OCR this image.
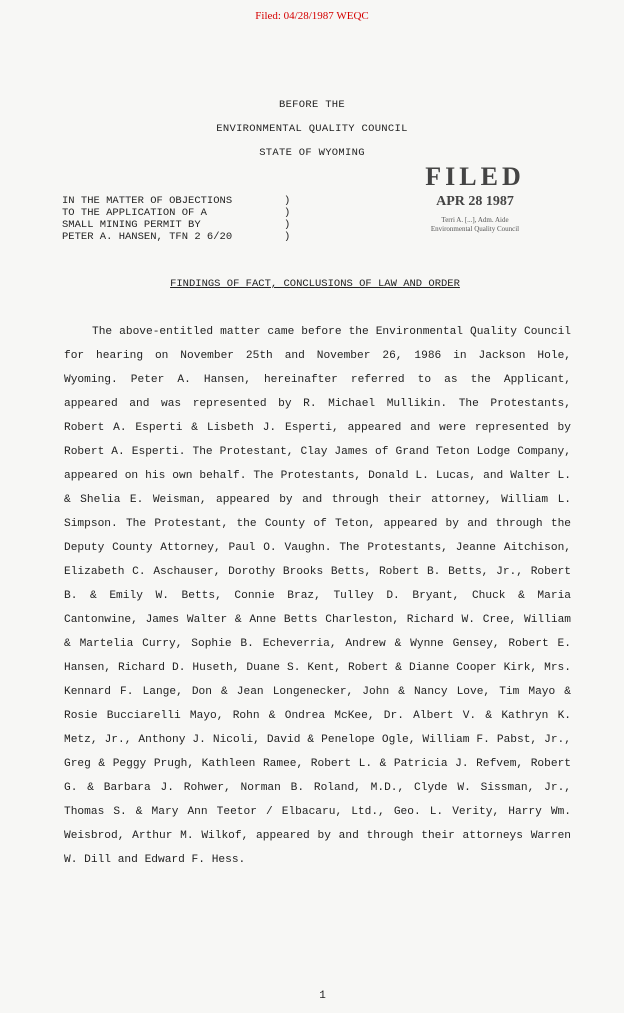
Filed: 04/28/1987 WEQC
BEFORE THE
ENVIRONMENTAL QUALITY COUNCIL
STATE OF WYOMING
IN THE MATTER OF OBJECTIONS	)
TO THE APPLICATION OF A	)
SMALL MINING PERMIT BY	)
PETER A. HANSEN, TFN 2 6/20	)
FILED
APR 28 1987
Terri A. [...], Adm. Aide
Environmental Quality Council
FINDINGS OF FACT, CONCLUSIONS OF LAW AND ORDER
The above-entitled matter came before the Environmental Quality Council for hearing on November 25th and November 26, 1986 in Jackson Hole, Wyoming. Peter A. Hansen, hereinafter referred to as the Applicant, appeared and was represented by R. Michael Mullikin. The Protestants, Robert A. Esperti & Lisbeth J. Esperti, appeared and were represented by Robert A. Esperti. The Protestant, Clay James of Grand Teton Lodge Company, appeared on his own behalf. The Protestants, Donald L. Lucas, and Walter L. & Shelia E. Weisman, appeared by and through their attorney, William L. Simpson. The Protestant, the County of Teton, appeared by and through the Deputy County Attorney, Paul O. Vaughn. The Protestants, Jeanne Aitchison, Elizabeth C. Aschauser, Dorothy Brooks Betts, Robert B. Betts, Jr., Robert B. & Emily W. Betts, Connie Braz, Tulley D. Bryant, Chuck & Maria Cantonwine, James Walter & Anne Betts Charleston, Richard W. Cree, William & Martelia Curry, Sophie B. Echeverria, Andrew & Wynne Gensey, Robert E. Hansen, Richard D. Huseth, Duane S. Kent, Robert & Dianne Cooper Kirk, Mrs. Kennard F. Lange, Don & Jean Longenecker, John & Nancy Love, Tim Mayo & Rosie Bucciarelli Mayo, Rohn & Ondrea McKee, Dr. Albert V. & Kathryn K. Metz, Jr., Anthony J. Nicoli, David & Penelope Ogle, William F. Pabst, Jr., Greg & Peggy Prugh, Kathleen Ramee, Robert L. & Patricia J. Refvem, Robert G. & Barbara J. Rohwer, Norman B. Roland, M.D., Clyde W. Sissman, Jr., Thomas S. & Mary Ann Teetor / Elbacaru, Ltd., Geo. L. Verity, Harry Wm. Weisbrod, Arthur M. Wilkof, appeared by and through their attorneys Warren W. Dill and Edward F. Hess.
1
